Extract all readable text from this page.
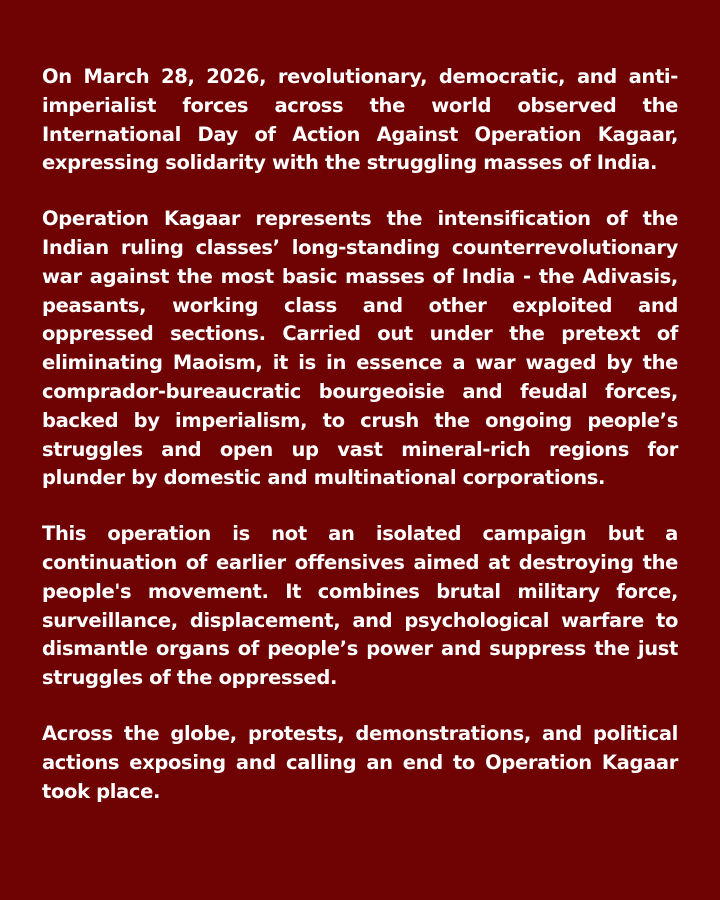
On March 28, 2026, revolutionary, democratic, and anti-imperialist forces across the world observed the International Day of Action Against Operation Kagaar, expressing solidarity with the struggling masses of India.

Operation Kagaar represents the intensification of the Indian ruling classes’ long-standing counterrevolutionary war against the most basic masses of India - the Adivasis, peasants, working class and other exploited and oppressed sections. Carried out under the pretext of eliminating Maoism, it is in essence a war waged by the comprador-bureaucratic bourgeoisie and feudal forces, backed by imperialism, to crush the ongoing people’s struggles and open up vast mineral-rich regions for plunder by domestic and multinational corporations.

This operation is not an isolated campaign but a continuation of earlier offensives aimed at destroying the people's movement. It combines brutal military force, surveillance, displacement, and psychological warfare to dismantle organs of people’s power and suppress the just struggles of the oppressed.

Across the globe, protests, demonstrations, and political actions exposing and calling an end to Operation Kagaar took place.
